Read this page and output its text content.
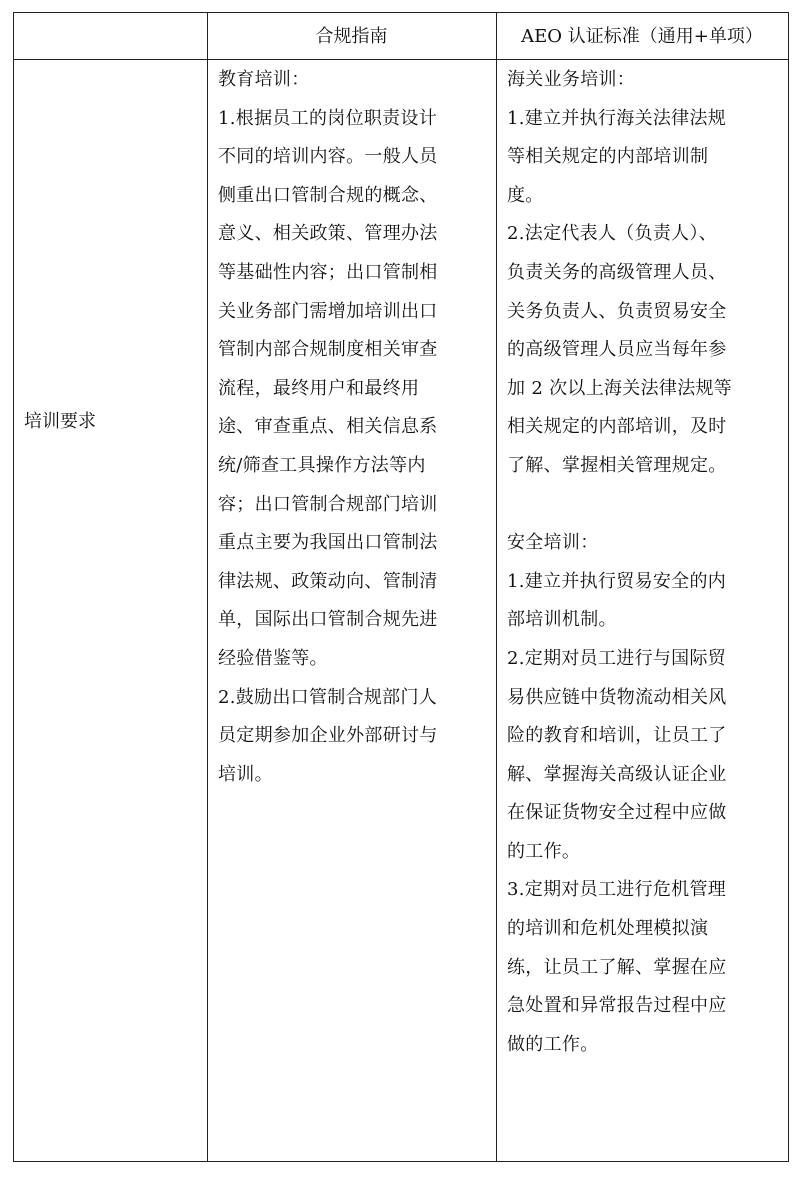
合规指南	AEO 认证标准（通用+单项）
培训要求
教育培训：
1.根据员工的岗位职责设计
不同的培训内容。一般人员
侧重出口管制合规的概念、
意义、相关政策、管理办法
等基础性内容；出口管制相
关业务部门需增加培训出口
管制内部合规制度相关审查
流程，最终用户和最终用
途、审查重点、相关信息系
统/筛查工具操作方法等内
容；出口管制合规部门培训
重点主要为我国出口管制法
律法规、政策动向、管制清
单，国际出口管制合规先进
经验借鉴等。
2.鼓励出口管制合规部门人
员定期参加企业外部研讨与
培训。
海关业务培训：
1.建立并执行海关法律法规
等相关规定的内部培训制
度。
2.法定代表人（负责人）、
负责关务的高级管理人员、
关务负责人、负责贸易安全
的高级管理人员应当每年参
加 2 次以上海关法律法规等
相关规定的内部培训，及时
了解、掌握相关管理规定。
安全培训：
1.建立并执行贸易安全的内
部培训机制。
2.定期对员工进行与国际贸
易供应链中货物流动相关风
险的教育和培训，让员工了
解、掌握海关高级认证企业
在保证货物安全过程中应做
的工作。
3.定期对员工进行危机管理
的培训和危机处理模拟演
练，让员工了解、掌握在应
急处置和异常报告过程中应
做的工作。
